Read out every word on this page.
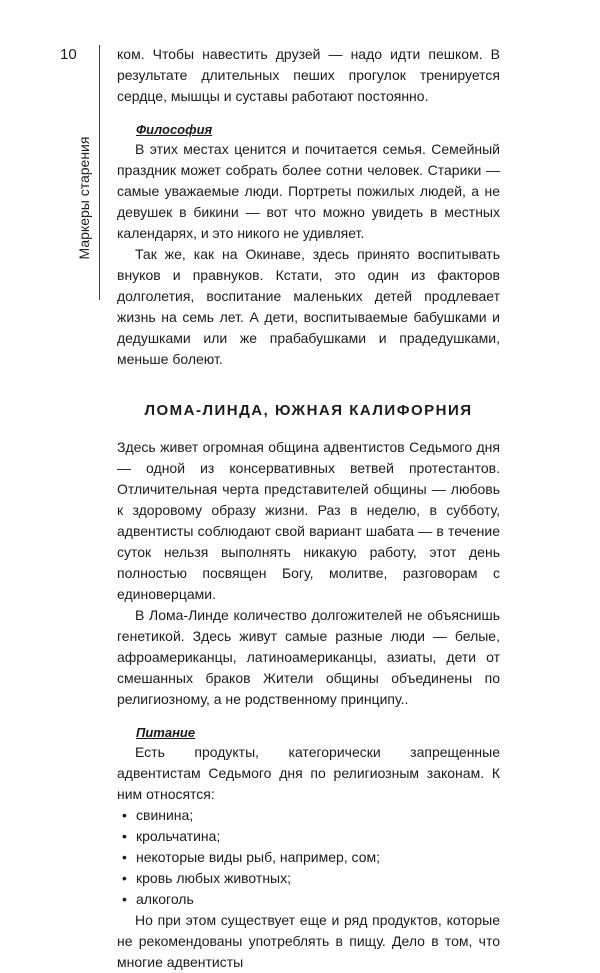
10
Маркеры старения

ком. Чтобы навестить друзей — надо идти пешком. В результате длительных пеших прогулок тренируется сердце, мышцы и суставы работают постоянно.

Философия

В этих местах ценится и почитается семья. Семейный праздник может собрать более сотни человек. Старики — самые уважаемые люди. Портреты пожилых людей, а не девушек в бикини — вот что можно увидеть в местных календарях, и это никого не удивляет.

Так же, как на Окинаве, здесь принято воспитывать внуков и правнуков. Кстати, это один из факторов долголетия, воспитание маленьких детей продлевает жизнь на семь лет. А дети, воспитываемые бабушками и дедушками или же прабабушками и прадедушками, меньше болеют.

ЛОМА-ЛИНДА, ЮЖНАЯ КАЛИФОРНИЯ

Здесь живет огромная община адвентистов Седьмого дня — одной из консервативных ветвей протестантов. Отличительная черта представителей общины — любовь к здоровому образу жизни. Раз в неделю, в субботу, адвентисты соблюдают свой вариант шабата — в течение суток нельзя выполнять никакую работу, этот день полностью посвящен Богу, молитве, разговорам с единоверцами.

В Лома-Линде количество долгожителей не объяснишь генетикой. Здесь живут самые разные люди — белые, афроамериканцы, латиноамериканцы, азиаты, дети от смешанных браков Жители общины объединены по религиозному, а не родственному принципу..

Питание

Есть продукты, категорически запрещенные адвентистам Седьмого дня по религиозным законам. К ним относятся:

• свинина;
• крольчатина;
• некоторые виды рыб, например, сом;
• кровь любых животных;
• алкоголь

Но при этом существует еще и ряд продуктов, которые не рекомендованы употреблять в пищу. Дело в том, что многие адвентисты
